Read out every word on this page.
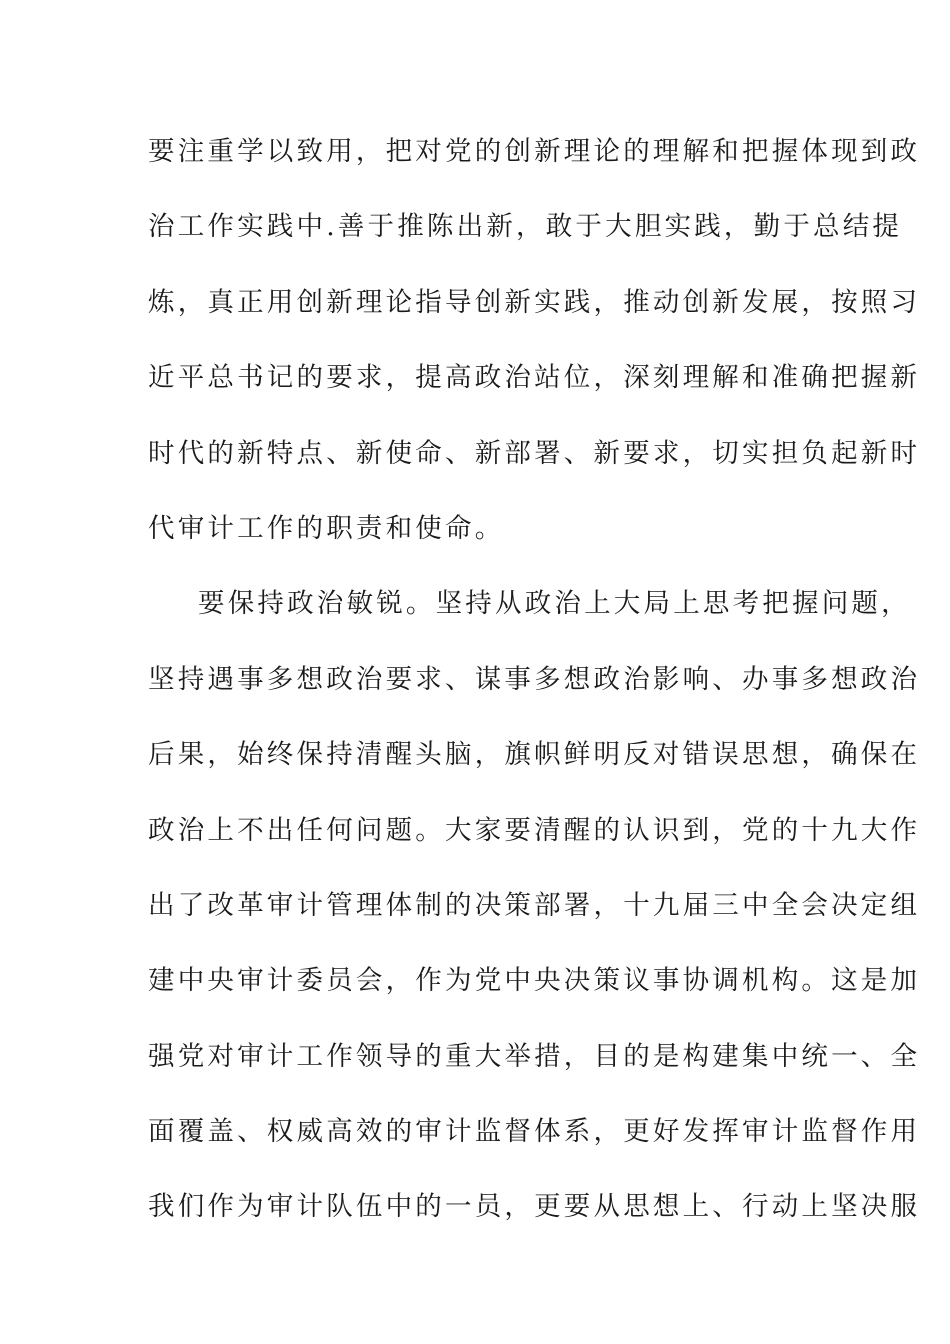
要注重学以致用，把对党的创新理论的理解和把握体现到政
治工作实践中.善于推陈出新，敢于大胆实践，勤于总结提
炼，真正用创新理论指导创新实践，推动创新发展，按照习
近平总书记的要求，提高政治站位，深刻理解和准确把握新
时代的新特点、新使命、新部署、新要求，切实担负起新时
代审计工作的职责和使命。
要保持政治敏锐。坚持从政治上大局上思考把握问题，
坚持遇事多想政治要求、谋事多想政治影响、办事多想政治
后果，始终保持清醒头脑，旗帜鲜明反对错误思想，确保在
政治上不出任何问题。大家要清醒的认识到，党的十九大作
出了改革审计管理体制的决策部署，十九届三中全会决定组
建中央审计委员会，作为党中央决策议事协调机构。这是加
强党对审计工作领导的重大举措，目的是构建集中统一、全
面覆盖、权威高效的审计监督体系，更好发挥审计监督作用
我们作为审计队伍中的一员，更要从思想上、行动上坚决服
